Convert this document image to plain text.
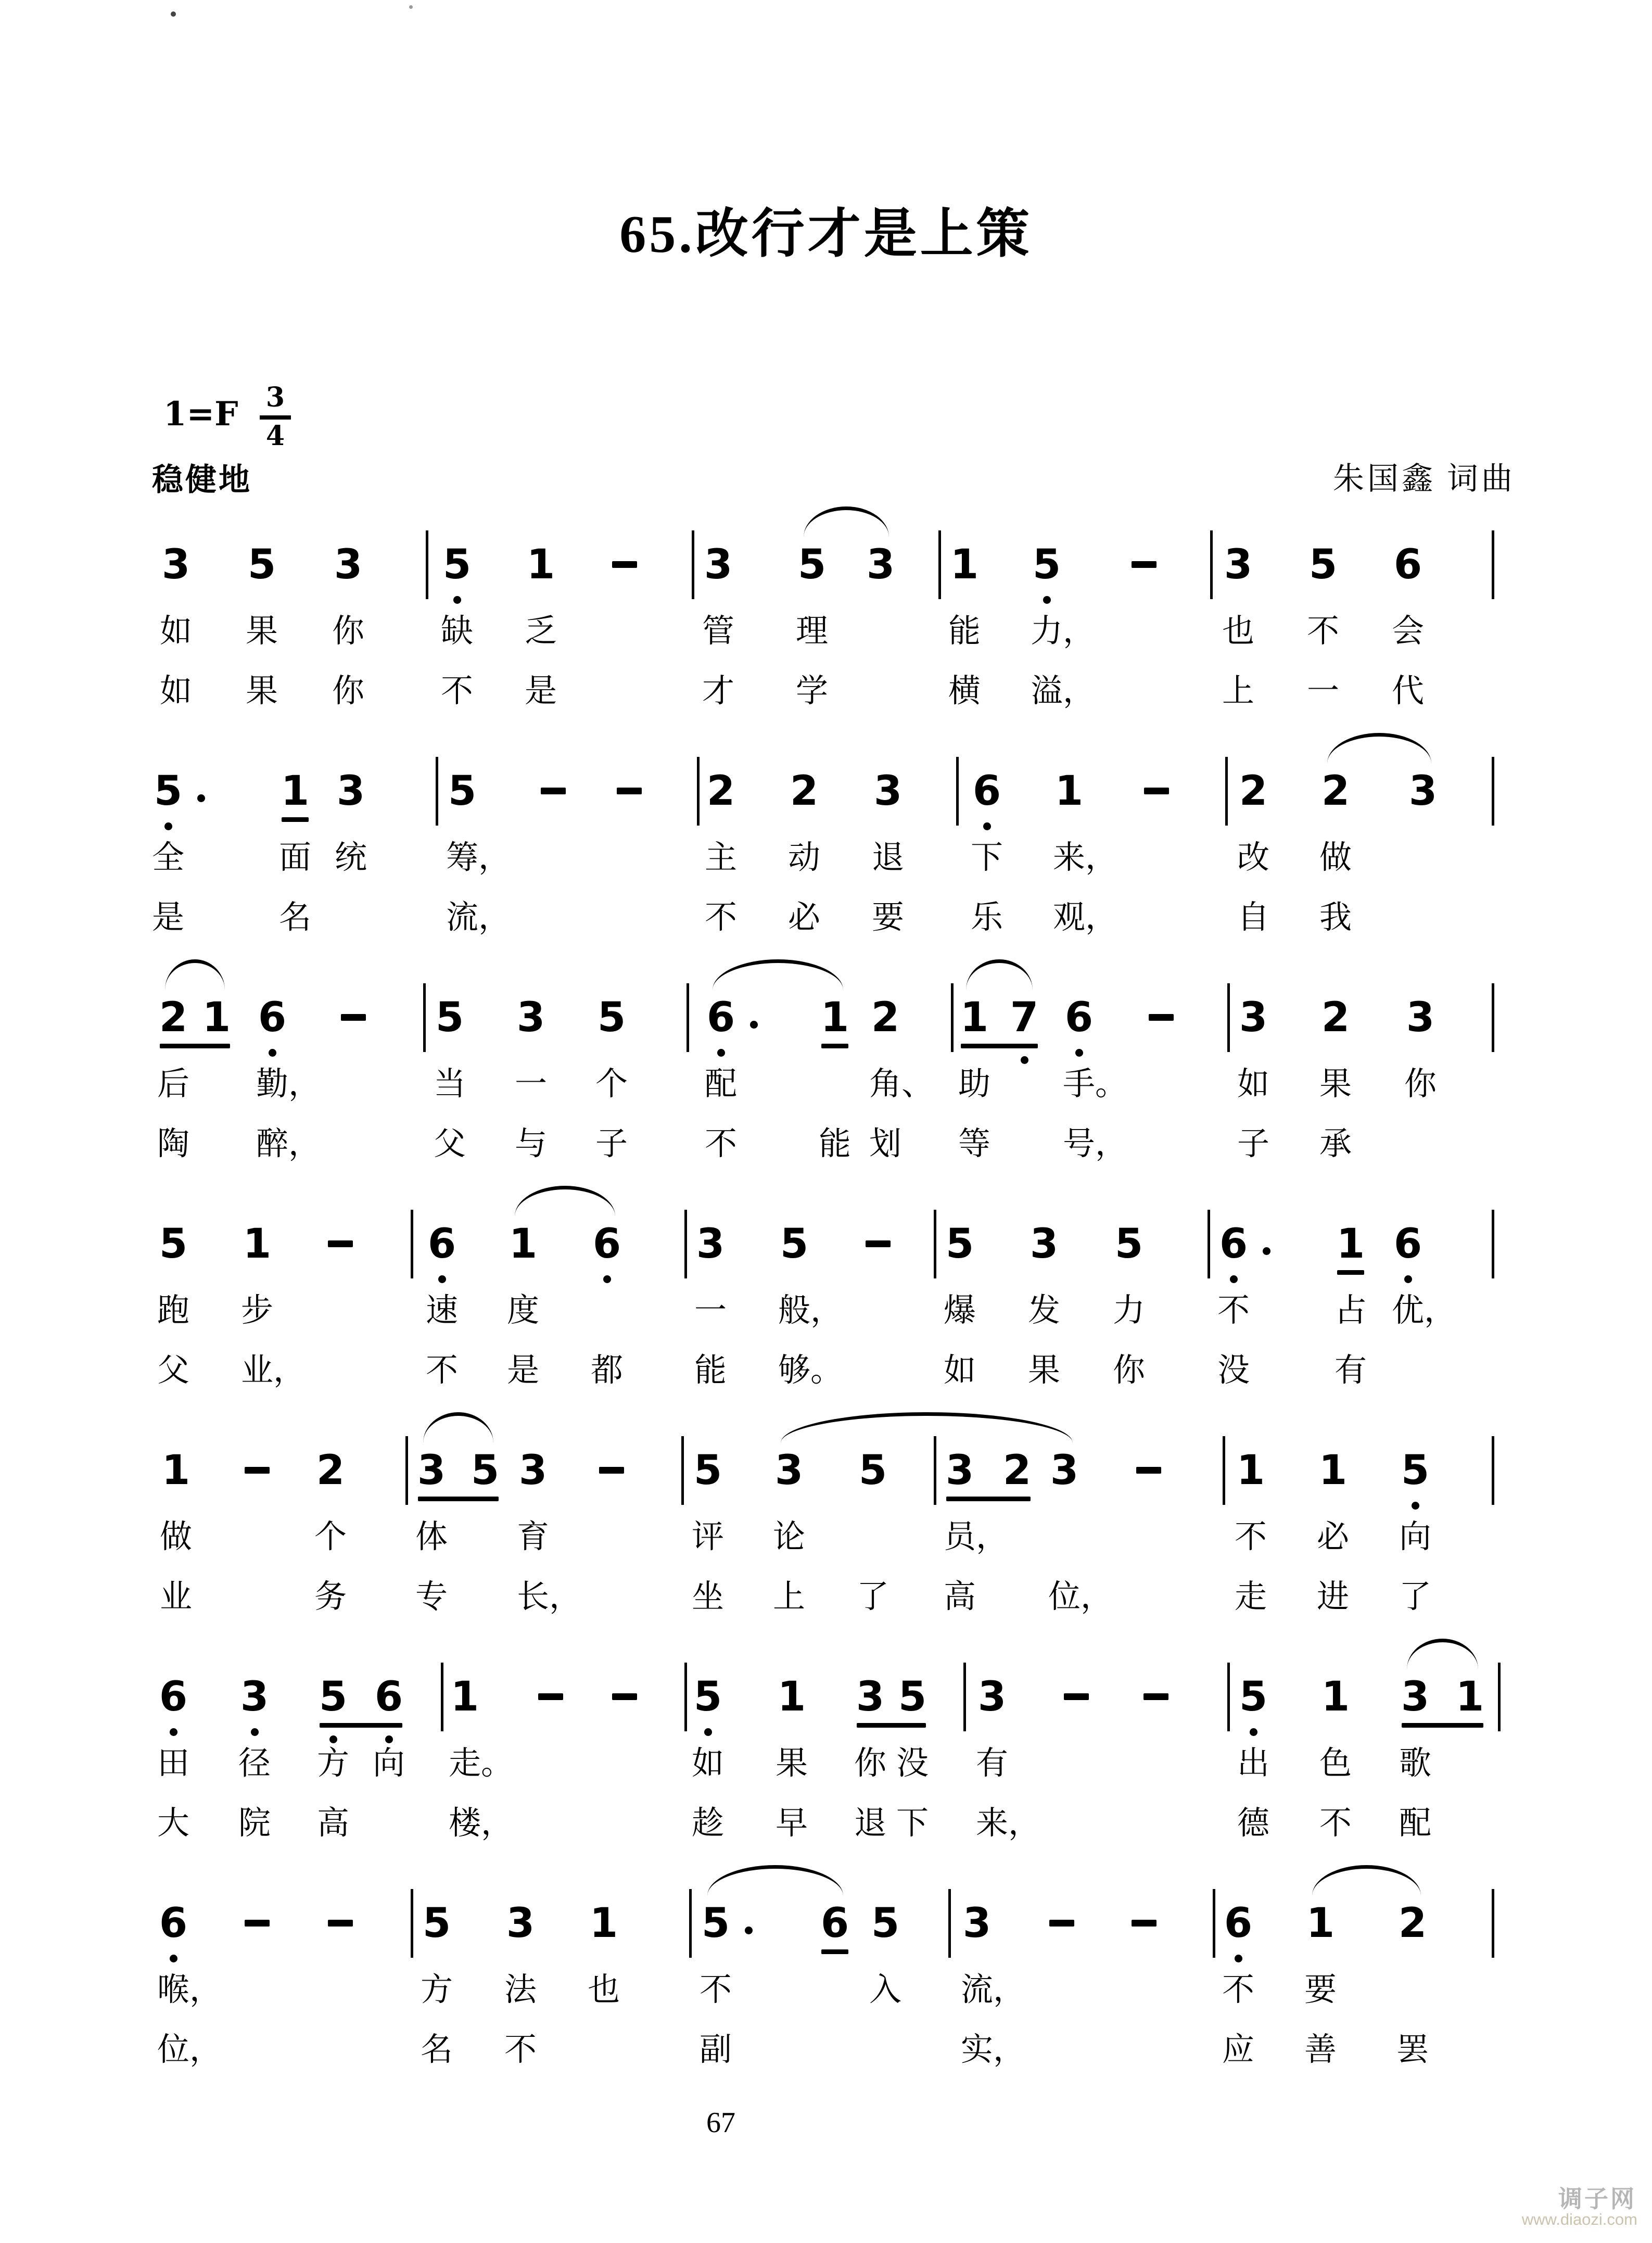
65.改行才是上策
1=F 3
4
稳健地	朱国鑫 词曲
3 5 3 5 1	3 5 3 1 5	3 5 6
如 果 你 缺 乏	管 理	能 力，	也 不 会
如 果 你 不 是	才 学	横 溢，	上 一 代
5 1 3 5	2 2 3 6 1	2 2 3
全	面 统 筹，	主 动 退 下 来，	改 做
是	名	流，	不 必 要 乐 观，	自 我
2 1 6	5 3 5 6 1 2 1 7 6	3 2 3
后 勤，	当 一 个 配	角、 助 手。	如 果 你
陶 醉，	父 与 子 不	能 划 等 号，	子 承
5 1	6 1 6 3 5	5 3 5 6 1 6
跑 步	速 度	一 般，	爆 发 力 不	占 优，
父 业，	不 是 都 能 够。	如 果 你 没	有
1	2 3 5 3	5 3 5 3 2 3	1 1 5
做	个 体 育	评 论	员，	不 必 向
业	务 专 长，	坐 上 了 高 位，	走 进 了
6 3 5 6 1	5 1 3 5 3	5 1 3 1
田 径 方 向 走。	如 果 你 没 有	出 色 歌
大 院 高	楼，	趁 早 退 下 来，	德 不 配
6	5 3 1 5 6 5 3	6 1 2
喉，	方 法 也 不	入 流，	不 要
位，	名 不	副	实，	应 善 罢
67
调子网
www.diaozi.com
